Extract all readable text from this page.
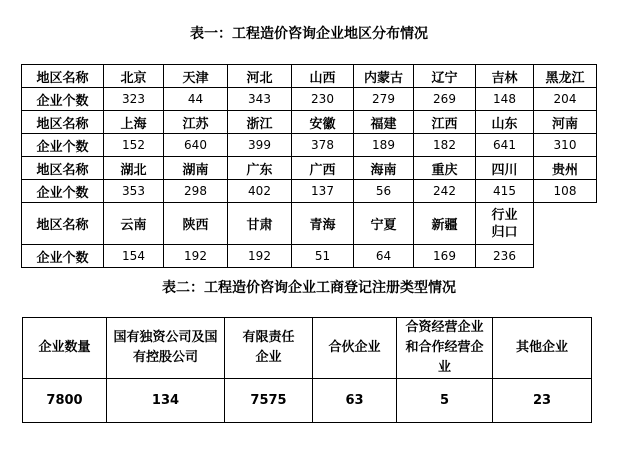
表一：工程造价咨询企业地区分布情况
地区名称	北京	天津	河北	山西	内蒙古	辽宁	吉林	黑龙江
企业个数	323	44	343	230	279	269	148	204
地区名称	上海	江苏	浙江	安徽	福建	江西	山东	河南
企业个数	152	640	399	378	189	182	641	310
地区名称	湖北	湖南	广东	广西	海南	重庆	四川	贵州
企业个数	353	298	402	137	56	242	415	108
地区名称	云南	陕西	甘肃	青海	宁夏	新疆	行业归口	
企业个数	154	192	192	51	64	169	236	
表二：工程造价咨询企业工商登记注册类型情况
企业数量	国有独资公司及国有控股公司	有限责任企业	合伙企业	合资经营企业和合作经营企业	其他企业
7800	134	7575	63	5	23
